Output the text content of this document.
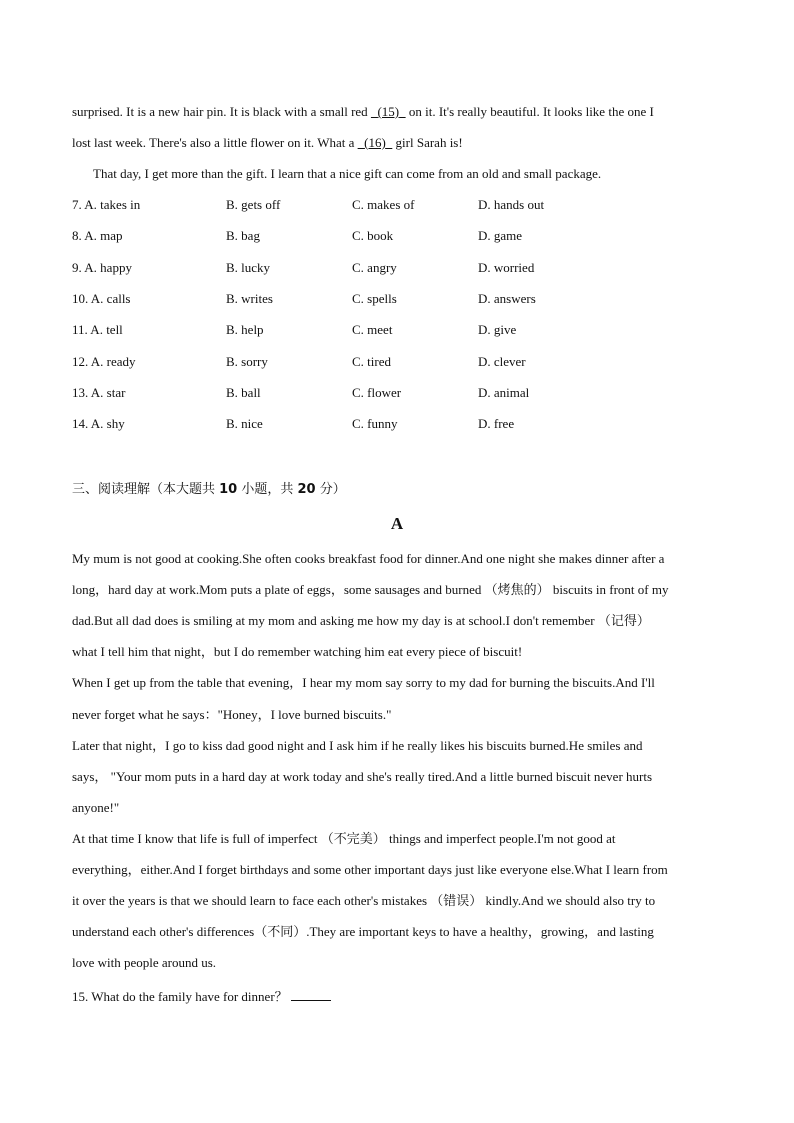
surprised. It is a new hair pin. It is black with a small red   (15)   on it. It's really beautiful. It looks like the one I
lost last week. There's also a little flower on it. What a   (16)   girl Sarah is!
That day, I get more than the gift. I learn that a nice gift can come from an old and small package.
7. A. takes in	B. gets off	C. makes of	D. hands out
8. A. map	B. bag	C. book	D. game
9. A. happy	B. lucky	C. angry	D. worried
10. A. calls	B. writes	C. spells	D. answers
11. A. tell	B. help	C. meet	D. give
12. A. ready	B. sorry	C. tired	D. clever
13. A. star	B. ball	C. flower	D. animal
14. A. shy	B. nice	C. funny	D. free
三、阅读理解（本大题共 10 小题，共 20 分）
A
My mum is not good at cooking.She often cooks breakfast food for dinner.And one night she makes dinner after a
long，hard day at work.Mom puts a plate of eggs，some sausages and burned （烤焦的） biscuits in front of my
dad.But all dad does is smiling at my mom and asking me how my day is at school.I don't remember （记得）
what I tell him that night，but I do remember watching him eat every piece of biscuit!
When I get up from the table that evening，I hear my mom say sorry to my dad for burning the biscuits.And I'll
never forget what he says："Honey，I love burned biscuits."
Later that night，I go to kiss dad good night and I ask him if he really likes his biscuits burned.He smiles and
says， "Your mom puts in a hard day at work today and she's really tired.And a little burned biscuit never hurts
anyone!"
At that time I know that life is full of imperfect （不完美） things and imperfect people.I'm not good at
everything，either.And I forget birthdays and some other important days just like everyone else.What I learn from
it over the years is that we should learn to face each other's mistakes （错误） kindly.And we should also try to
understand each other's differences（不同）.They are important keys to have a healthy，growing，and lasting
love with people around us.
15. What do the family have for dinner？
